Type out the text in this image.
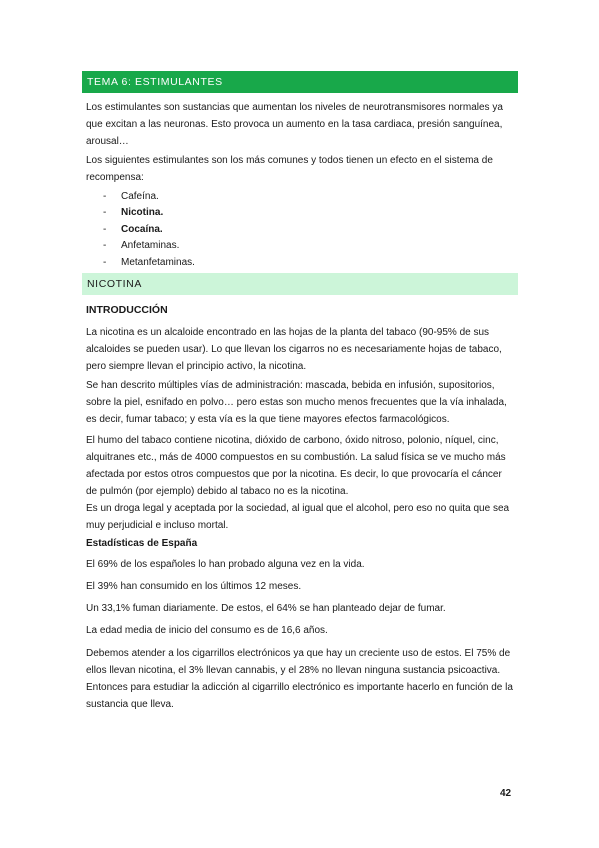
TEMA 6: ESTIMULANTES

Los estimulantes son sustancias que aumentan los niveles de neurotransmisores normales ya que excitan a las neuronas. Esto provoca un aumento en la tasa cardiaca, presión sanguínea, arousal…

Los siguientes estimulantes son los más comunes y todos tienen un efecto en el sistema de recompensa:

-	Cafeína.
-	Nicotina.
-	Cocaína.
-	Anfetaminas.
-	Metanfetaminas.
NICOTINA

INTRODUCCIÓN

La nicotina es un alcaloide encontrado en las hojas de la planta del tabaco (90-95% de sus alcaloides se pueden usar). Lo que llevan los cigarros no es necesariamente hojas de tabaco, pero siempre llevan el principio activo, la nicotina.

Se han descrito múltiples vías de administración: mascada, bebida en infusión, supositorios, sobre la piel, esnifado en polvo… pero estas son mucho menos frecuentes que la vía inhalada, es decir, fumar tabaco; y esta vía es la que tiene mayores efectos farmacológicos.

El humo del tabaco contiene nicotina, dióxido de carbono, óxido nitroso, polonio, níquel, cinc, alquitranes etc., más de 4000 compuestos en su combustión. La salud física se ve mucho más afectada por estos otros compuestos que por la nicotina. Es decir, lo que provocaría el cáncer de pulmón (por ejemplo) debido al tabaco no es la nicotina.

Es un droga legal y aceptada por la sociedad, al igual que el alcohol, pero eso no quita que sea muy perjudicial e incluso mortal.

Estadísticas de España

El 69% de los españoles lo han probado alguna vez en la vida.

El 39% han consumido en los últimos 12 meses.

Un 33,1% fuman diariamente. De estos, el 64% se han planteado dejar de fumar.

La edad media de inicio del consumo es de 16,6 años.

Debemos atender a los cigarrillos electrónicos ya que hay un creciente uso de estos. El 75% de ellos llevan nicotina, el 3% llevan cannabis, y el 28% no llevan ninguna sustancia psicoactiva. Entonces para estudiar la adicción al cigarrillo electrónico es importante hacerlo en función de la sustancia que lleva.

42
